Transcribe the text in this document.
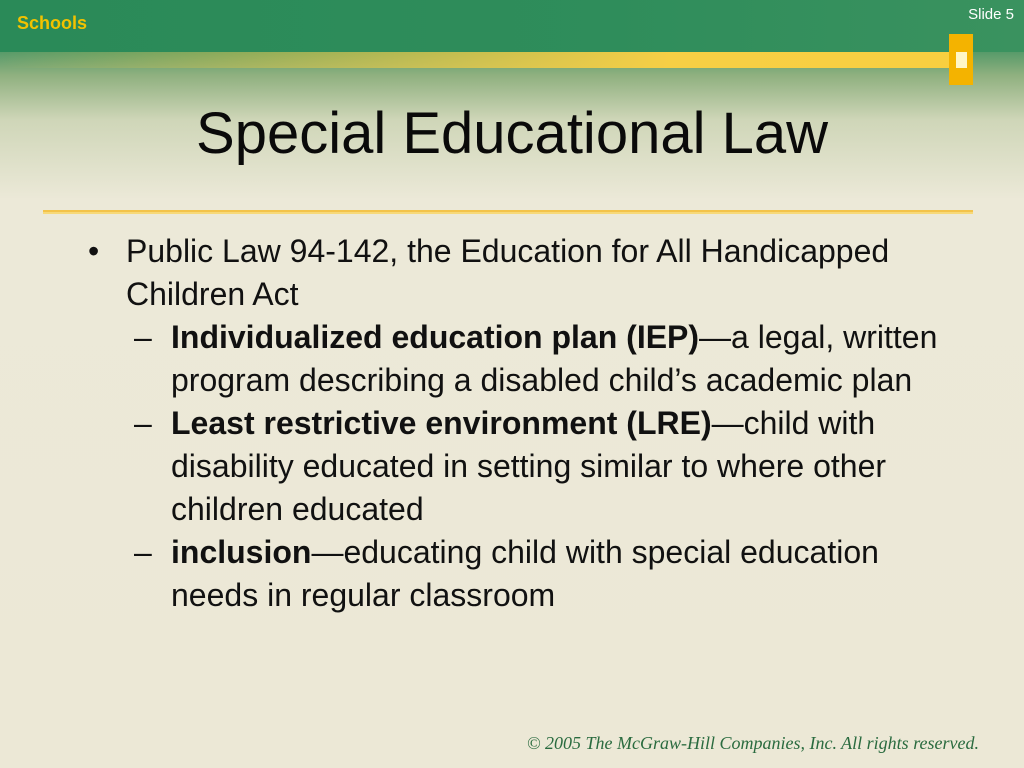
Schools	Slide 5
Special Educational Law
• Public Law 94-142, the Education for All Handicapped Children Act
– Individualized education plan (IEP)—a legal, written program describing a disabled child’s academic plan
– Least restrictive environment (LRE)—child with disability educated in setting similar to where other children educated
– inclusion—educating child with special education needs in regular classroom
© 2005 The McGraw-Hill Companies, Inc. All rights reserved.
